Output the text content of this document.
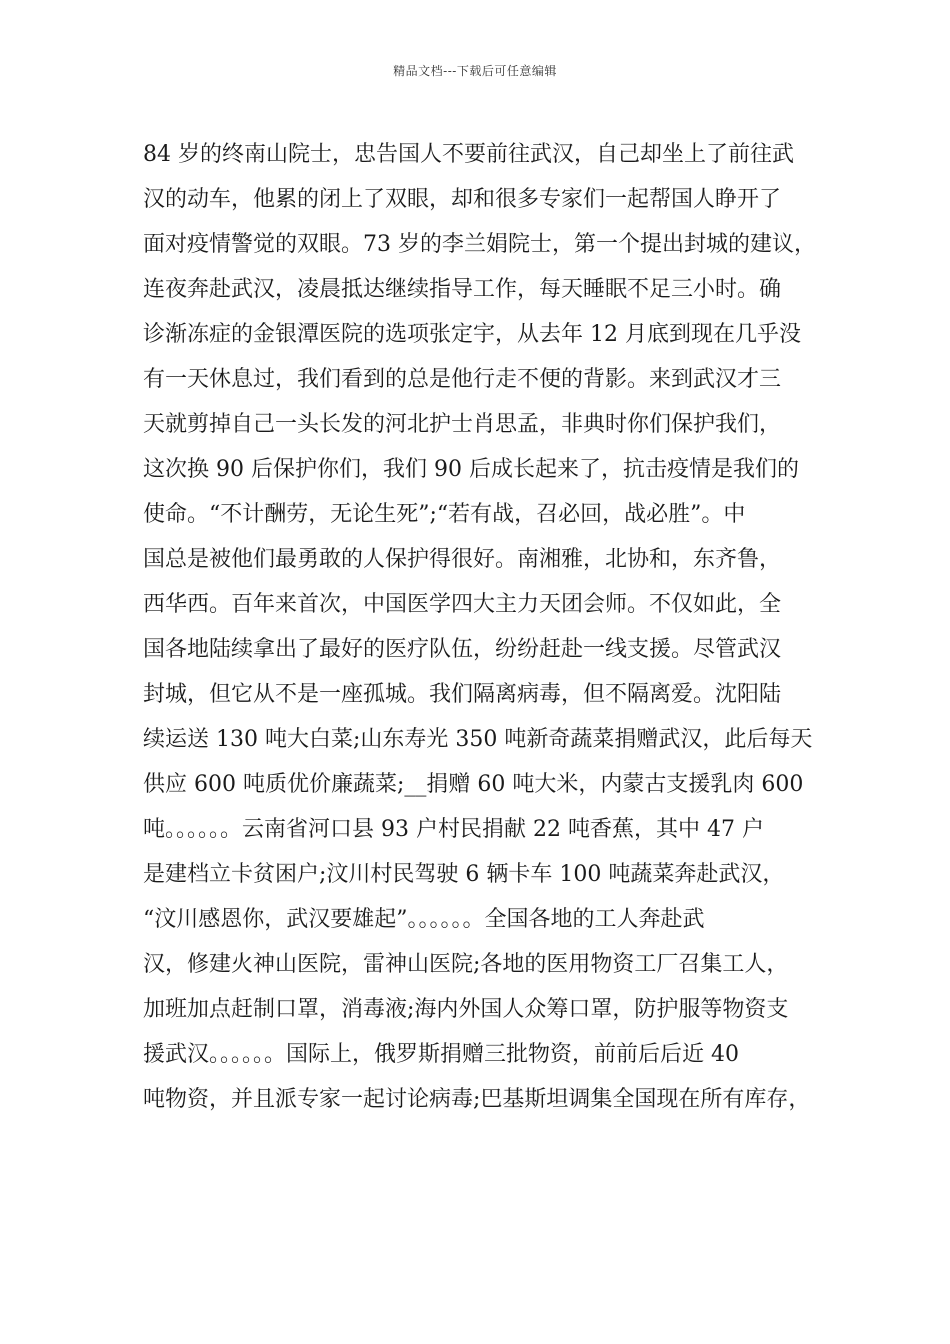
精品文档---下载后可任意编辑
84 岁的终南山院士，忠告国人不要前往武汉，自己却坐上了前往武
汉的动车，他累的闭上了双眼，却和很多专家们一起帮国人睁开了
面对疫情警觉的双眼。73 岁的李兰娟院士，第一个提出封城的建议，
连夜奔赴武汉，凌晨抵达继续指导工作，每天睡眠不足三小时。确
诊渐冻症的金银潭医院的选项张定宇，从去年 12 月底到现在几乎没
有一天休息过，我们看到的总是他行走不便的背影。来到武汉才三
天就剪掉自己一头长发的河北护士肖思孟，非典时你们保护我们，
这次换 90 后保护你们，我们 90 后成长起来了，抗击疫情是我们的
使命。“不计酬劳，无论生死”;“若有战，召必回，战必胜”。中
国总是被他们最勇敢的人保护得很好。南湘雅，北协和，东齐鲁，
西华西。百年来首次，中国医学四大主力天团会师。不仅如此，全
国各地陆续拿出了最好的医疗队伍，纷纷赶赴一线支援。尽管武汉
封城，但它从不是一座孤城。我们隔离病毒，但不隔离爱。沈阳陆
续运送 130 吨大白菜;山东寿光 350 吨新奇蔬菜捐赠武汉，此后每天
供应 600 吨质优价廉蔬菜;__捐赠 60 吨大米，内蒙古支援乳肉 600
吨。。。。。。云南省河口县 93 户村民捐献 22 吨香蕉，其中 47 户
是建档立卡贫困户;汶川村民驾驶 6 辆卡车 100 吨蔬菜奔赴武汉，
“汶川感恩你，武汉要雄起”。。。。。。全国各地的工人奔赴武
汉，修建火神山医院，雷神山医院;各地的医用物资工厂召集工人，
加班加点赶制口罩，消毒液;海内外国人众筹口罩，防护服等物资支
援武汉。。。。。。国际上，俄罗斯捐赠三批物资，前前后后近 40
吨物资，并且派专家一起讨论病毒;巴基斯坦调集全国现在所有库存，
